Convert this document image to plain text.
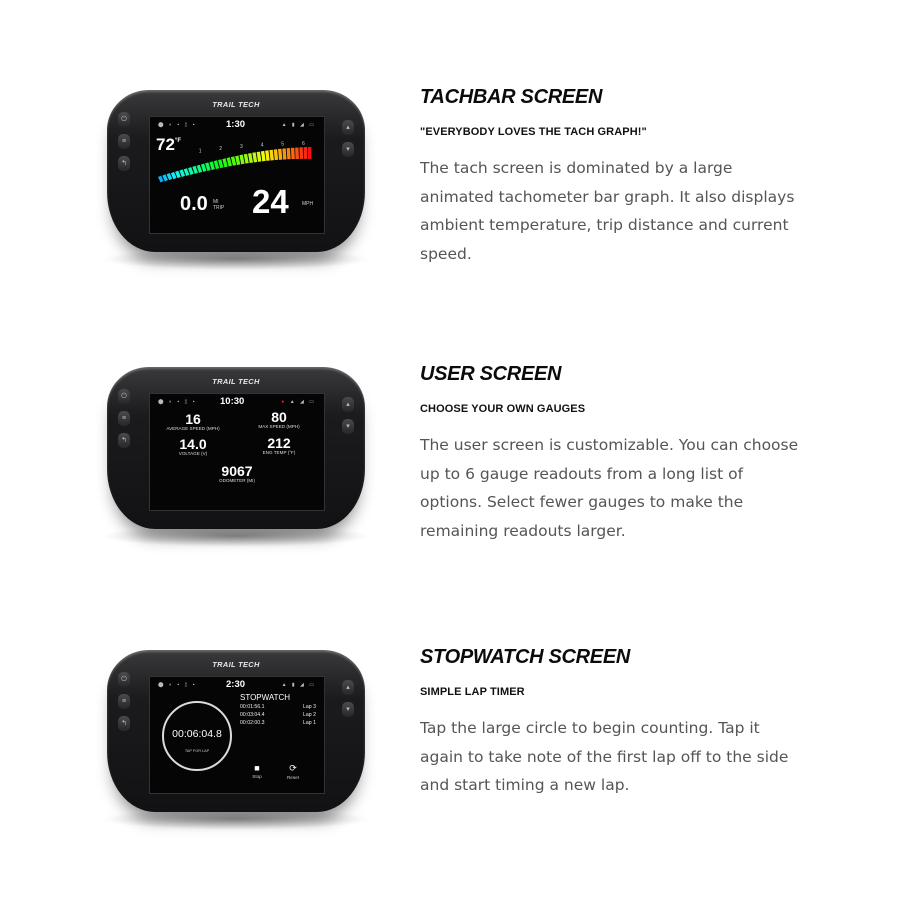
TRAIL TECH
⏻
≡
↰
▴
▾
⬤ ◐ ▪ ▯ ▪	1:30	▲ ▮ ◢ ▭
$72^{^\circ F}$
1	2	3	4	5	6
0.0 MI
TRIP 24	MPH
TACHBAR SCREEN
"EVERYBODY LOVES THE TACH GRAPH!"

The tach screen is dominated by a large animated tachometer bar graph. It also displays ambient temperature, trip distance and current speed.

TRAIL TECH
⏻
≡
↰
▴
▾
⬤ ◐ ▪ ▯ ▪ 10:30	● ▲ ◢ ▭
16
AVERAGE SPEED (MPH)
80
MAX SPEED (MPH)
14.0
VOLTAGE (V)
212
ENG TEMP (°F)
9067
ODOMETER (MI)
USER SCREEN
CHOOSE YOUR OWN GAUGES

The user screen is customizable. You can choose up to 6 gauge readouts from a long list of options. Select fewer gauges to make the remaining readouts larger.

TRAIL TECH
⏻
≡
↰
▴
▾
⬤ ◐ ▪ ▯ ▪	2:30	▲ ▮ ◢ ▭
00:06:04.8
TAP FOR LAP
STOPWATCH
00:01:56.1	Lap 3
00:03:04.4	Lap 2
00:02:00.3	Lap 1
■
Stop
⟳
Reset
STOPWATCH SCREEN
SIMPLE LAP TIMER

Tap the large circle to begin counting. Tap it again to take note of the first lap off to the side and start timing a new lap.
